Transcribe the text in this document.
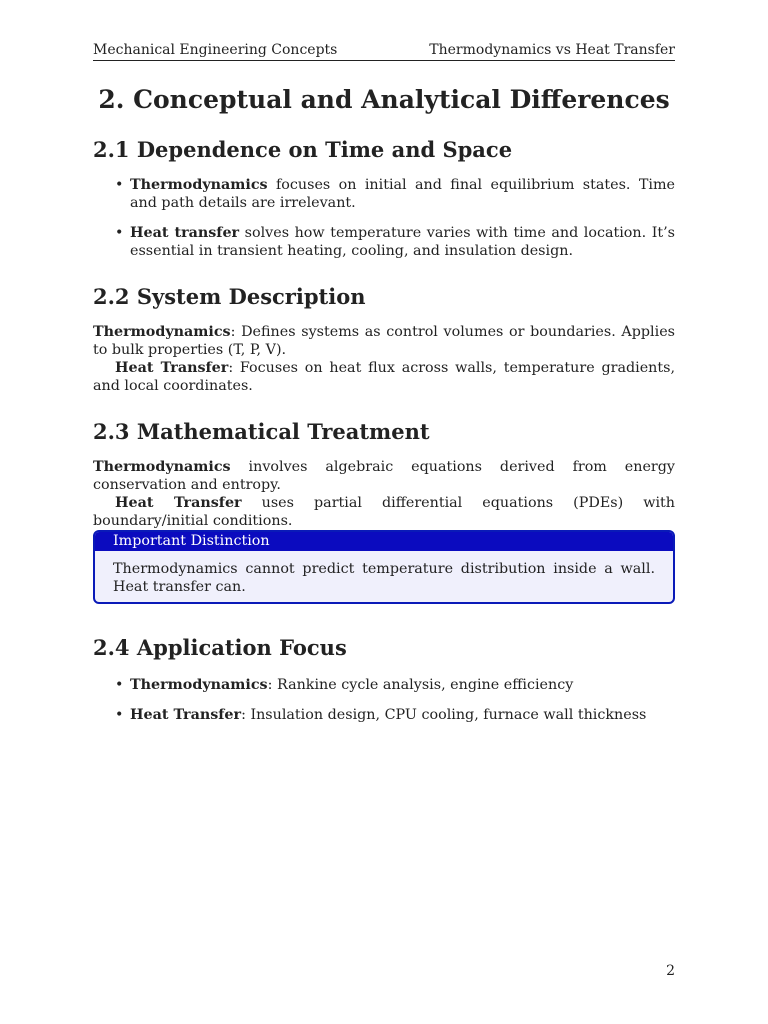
Mechanical Engineering Concepts	Thermodynamics vs Heat Transfer
2. Conceptual and Analytical Differences
2.1 Dependence on Time and Space
• Thermodynamics focuses on initial and final equilibrium states. Time and path details are irrelevant.
• Heat transfer solves how temperature varies with time and location. It’s essential in transient heating, cooling, and insulation design.
2.2 System Description
Thermodynamics: Defines systems as control volumes or boundaries. Applies to bulk properties (T, P, V).
Heat Transfer: Focuses on heat flux across walls, temperature gradients, and local coordinates.
2.3 Mathematical Treatment
Thermodynamics involves algebraic equations derived from energy conservation and entropy.
Heat Transfer uses partial differential equations (PDEs) with boundary/initial conditions.
Important Distinction
Thermodynamics cannot predict temperature distribution inside a wall. Heat transfer can.
2.4 Application Focus
• Thermodynamics: Rankine cycle analysis, engine efficiency
• Heat Transfer: Insulation design, CPU cooling, furnace wall thickness
2
